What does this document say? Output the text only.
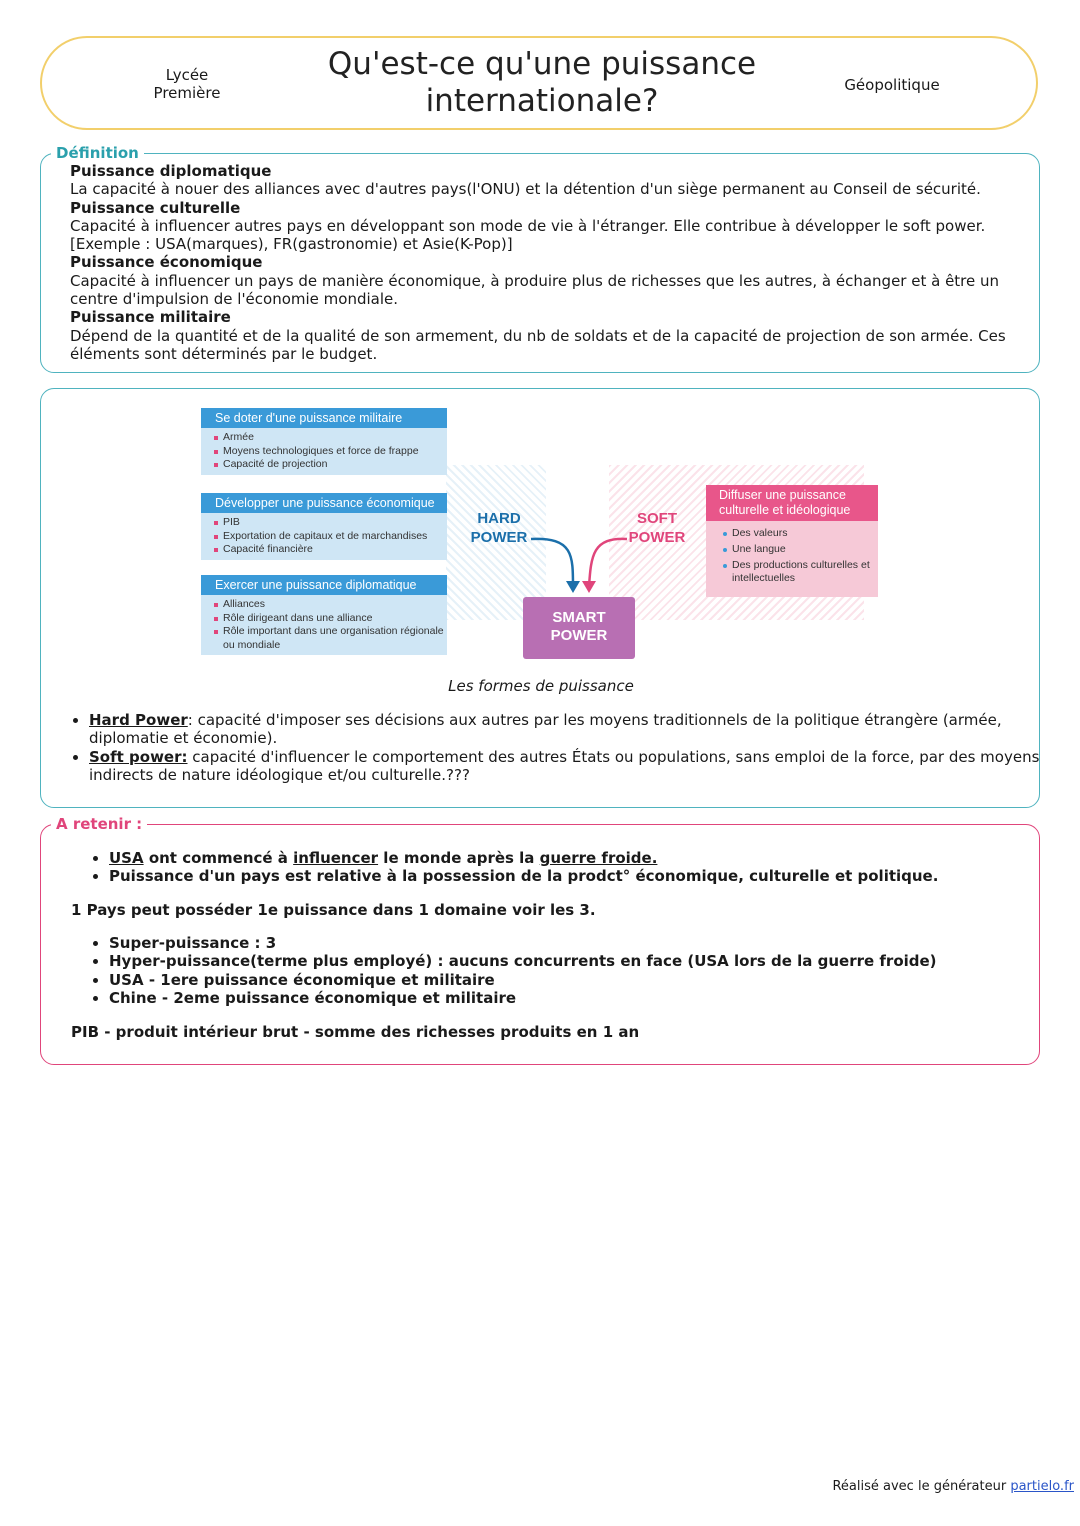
Lycée
Première
Qu'est-ce qu'une puissance
internationale?	Géopolitique
Définition
Puissance diplomatique
La capacité à nouer des alliances avec d'autres pays(l'ONU) et la détention d'un siège permanent au Conseil de sécurité.
Puissance culturelle
Capacité à influencer autres pays en développant son mode de vie à l'étranger. Elle contribue à développer le soft power. [Exemple : USA(marques), FR(gastronomie) et Asie(K-Pop)]
Puissance économique
Capacité à influencer un pays de manière économique, à produire plus de richesses que les autres, à échanger et à être un centre d'impulsion de l'économie mondiale.
Puissance militaire
Dépend de la quantité et de la qualité de son armement, du nb de soldats et de la capacité de projection de son armée. Ces éléments sont déterminés par le budget.
Se doter d'une puissance militaire
Armée
Moyens technologiques et force de frappe
Capacité de projection
Développer une puissance économique
PIB
Exportation de capitaux et de marchandises
Capacité financière
Exercer une puissance diplomatique
Alliances
Rôle dirigeant dans une alliance
Rôle important dans une organisation régionale ou mondiale
Diffuser une puissance culturelle et idéologique
Des valeurs
Une langue
Des productions culturelles et intellectuelles
HARD
POWER
SOFT
POWER
SMART
POWER
Les formes de puissance
• Hard Power: capacité d'imposer ses décisions aux autres par les moyens traditionnels de la politique étrangère (armée, diplomatie et économie).
• Soft power: capacité d'influencer le comportement des autres États ou populations, sans emploi de la force, par des moyens indirects de nature idéologique et/ou culturelle.???
A retenir :
• USA ont commencé à influencer le monde après la guerre froide.
• Puissance d'un pays est relative à la possession de la prodct° économique, culturelle et politique.
1 Pays peut posséder 1e puissance dans 1 domaine voir les 3.
• Super-puissance : 3
• Hyper-puissance(terme plus employé) : aucuns concurrents en face (USA lors de la guerre froide)
• USA - 1ere puissance économique et militaire
• Chine - 2eme puissance économique et militaire
PIB - produit intérieur brut - somme des richesses produits en 1 an
Réalisé avec le générateur partielo.fr
